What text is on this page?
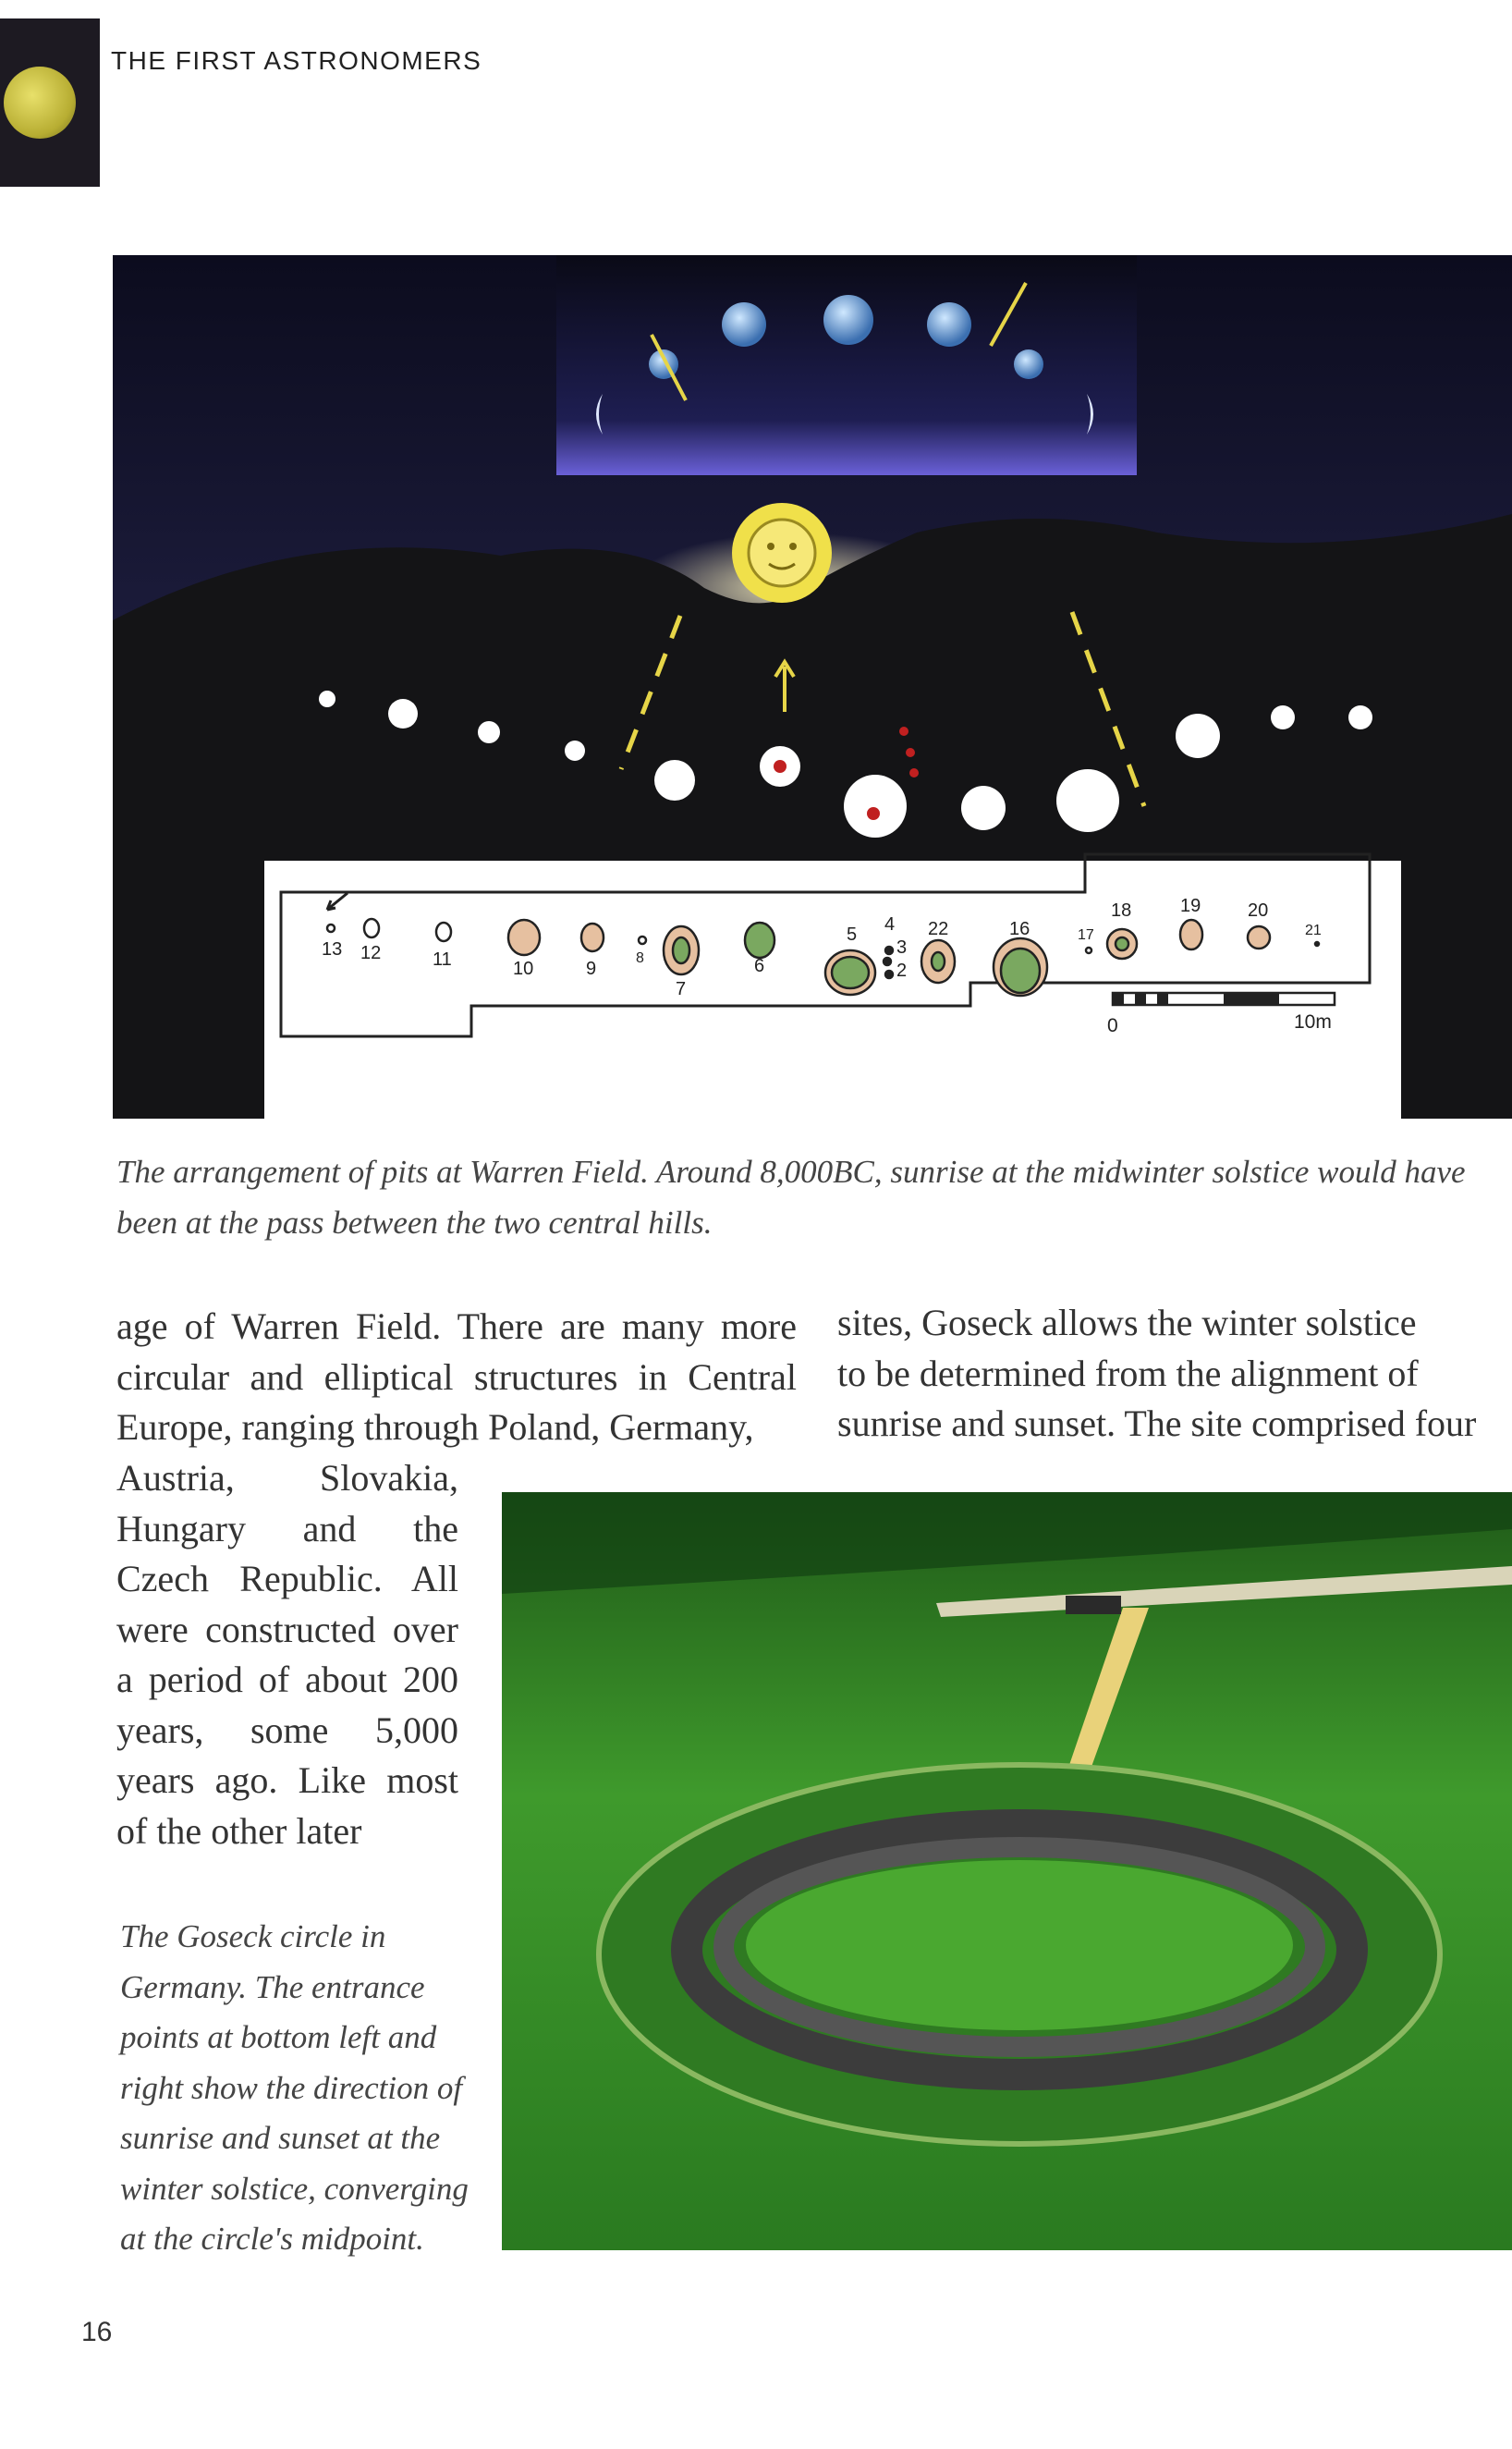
THE FIRST ASTRONOMERS
13 12	11	10	9
8
7
6
5 4
3
2
22	16	17
18	19	20
21
0	10m
The arrangement of pits at Warren Field. Around 8,000BC, sunrise at the midwinter solstice would have been at the pass between the two central hills.
age of Warren Field. There are many more circular and elliptical structures in Central Europe, ranging through Poland, Germany,
Austria, Slovakia, Hungary and the Czech Republic. All were constructed over a period of about 200 years, some 5,000 years ago. Like most of the other later
sites, Goseck allows the winter solstice
to be determined from the alignment of
sunrise and sunset. The site comprised four
The Goseck circle in Germany. The entrance points at bottom left and right show the direction of sunrise and sunset at the winter solstice, converging at the circle's midpoint.
16
